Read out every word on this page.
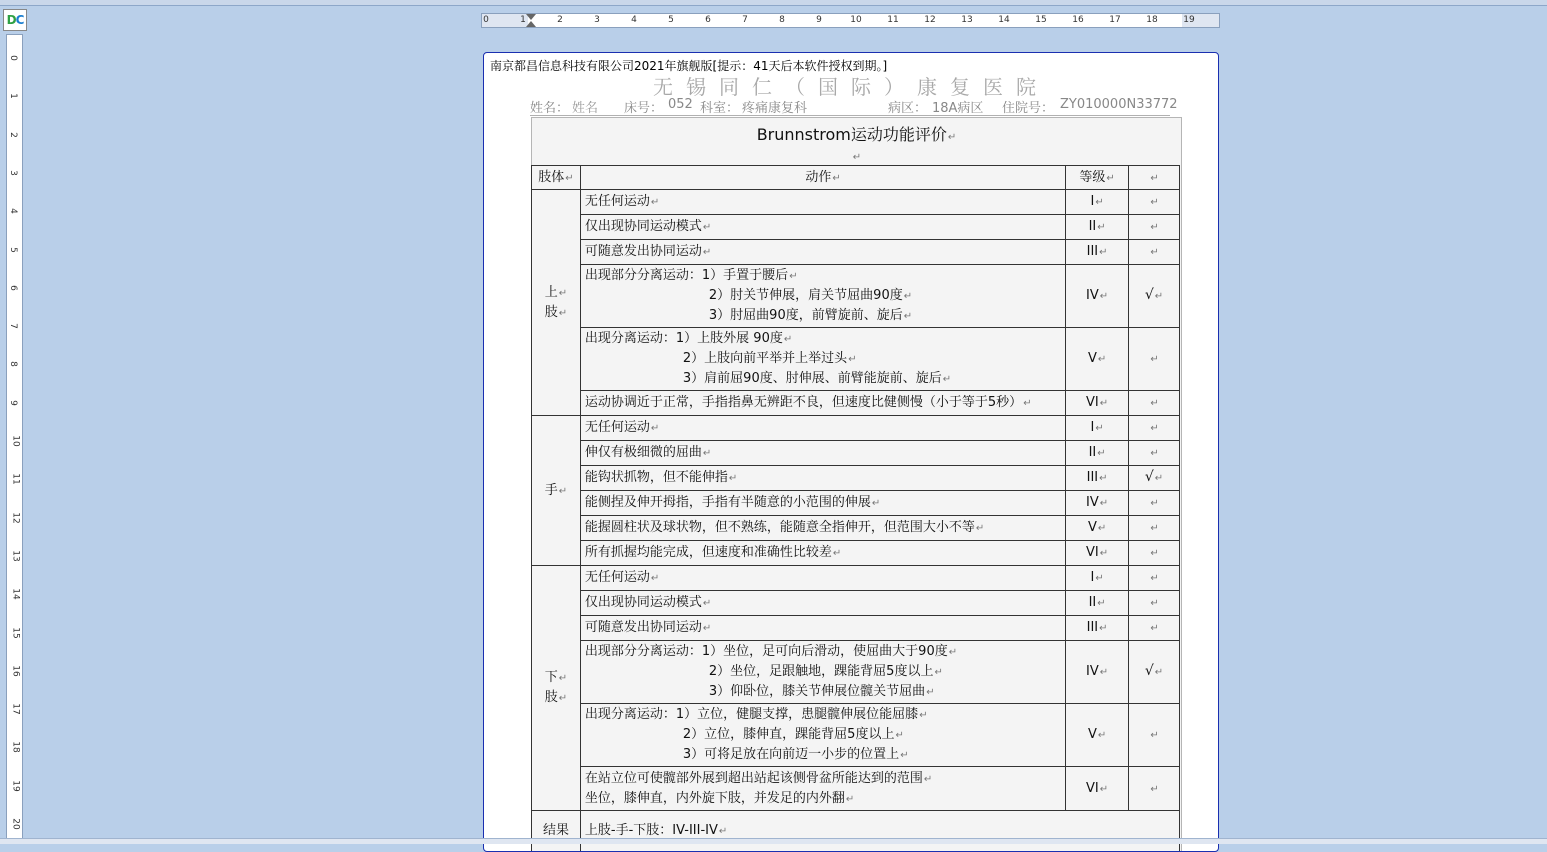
D C	0	1	2	3	4	5	6	7	8	9	10	11	12	13	14	15	16	17	18	19
0
1
2
3
4
5
6
7
8
9
10
11
12
13
14
15
16
17
18
19
20
南京都昌信息科技有限公司2021年旗舰版[提示：41天后本软件授权到期。]
无锡同仁（国际）康复医院
姓名： 姓名 床号： 052 科室： 疼痛康复科	病区： 18A病区 住院号： ZY010000N33772
Brunnstrom运动功能评价↵
↵
肢体↵	动作↵	等级↵	↵
上↵
肢↵	无任何运动↵	I↵	↵
	仅出现协同运动模式↵	II↵	↵
	可随意发出协同运动↵	III↵	↵
	出现部分分离运动：1）手置于腰后↵
2）肘关节伸展，肩关节屈曲90度↵
3）肘屈曲90度，前臂旋前、旋后↵	IV↵	√↵
	出现分离运动：1）上肢外展 90度↵
2）上肢向前平举并上举过头↵
3）肩前屈90度、肘伸展、前臂能旋前、旋后↵	V↵	↵
	运动协调近于正常，手指指鼻无辨距不良，但速度比健侧慢（小于等于5秒）↵	VI↵	↵
手↵	无任何运动↵	I↵	↵
	伸仅有极细微的屈曲↵	II↵	↵
	能钩状抓物，但不能伸指↵	III↵	√↵
	能侧捏及伸开拇指，手指有半随意的小范围的伸展↵	IV↵	↵
	能握圆柱状及球状物，但不熟练，能随意全指伸开，但范围大小不等↵	V↵	↵
	所有抓握均能完成，但速度和准确性比较差↵	VI↵	↵
下↵
肢↵	无任何运动↵	I↵	↵
	仅出现协同运动模式↵	II↵	↵
	可随意发出协同运动↵	III↵	↵
	出现部分分离运动：1）坐位，足可向后滑动，使屈曲大于90度↵
2）坐位，足跟触地，踝能背屈5度以上↵
3）仰卧位，膝关节伸展位髋关节屈曲↵	IV↵	√↵
	出现分离运动：1）立位，健腿支撑，患腿髋伸展位能屈膝↵
2）立位，膝伸直，踝能背屈5度以上↵
3）可将足放在向前迈一小步的位置上↵	V↵	↵
	在站立位可使髋部外展到超出站起该侧骨盆所能达到的范围↵
坐位，膝伸直，内外旋下肢，并发足的内外翻↵	VI↵	↵
结果	上肢-手-下肢：IV-III-IV↵		
